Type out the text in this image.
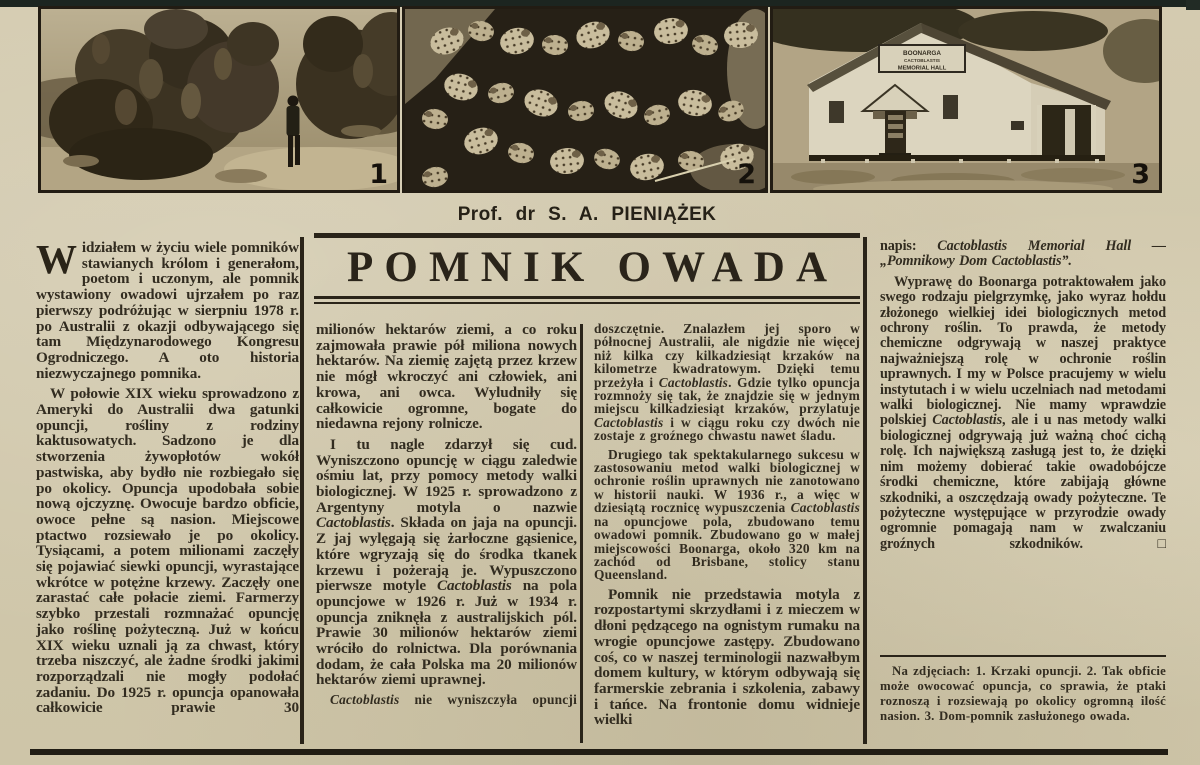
1	2
BOONARGA
CACTOBLASTIS
MEMORIAL HALL
3
Prof. dr S. A. PIENIĄŻEK
POMNIK OWADA

Widziałem w życiu wiele pomników stawianych królom i generałom, poetom i uczonym, ale pomnik wystawiony owadowi ujrzałem po raz pierwszy podróżując w sierpniu 1978 r. po Australii z okazji odbywającego się tam Międzynarodowego Kongresu Ogrodniczego. A oto historia niezwyczajnego pomnika.

W połowie XIX wieku sprowadzono z Ameryki do Australii dwa gatunki opuncji, rośliny z rodziny kaktusowatych. Sadzono je dla stworzenia żywopłotów wokół pastwiska, aby bydło nie rozbiegało się po okolicy. Opuncja upodobała sobie nową ojczyznę. Owocuje bardzo obficie, owoce pełne są nasion. Miejscowe ptactwo rozsiewało je po okolicy. Tysiącami, a potem milionami zaczęły się pojawiać siewki opuncji, wyrastające wkrótce w potężne krzewy. Zaczęły one zarastać całe połacie ziemi. Farmerzy szybko przestali rozmnażać opuncję jako roślinę pożyteczną. Już w końcu XIX wieku uznali ją za chwast, który trzeba niszczyć, ale żadne środki jakimi rozporządzali nie mogły podołać zadaniu. Do 1925 r. opuncja opanowała całkowicie prawie 30

milionów hektarów ziemi, a co roku zajmowała prawie pół miliona nowych hektarów. Na ziemię zajętą przez krzew nie mógł wkroczyć ani człowiek, ani krowa, ani owca. Wyludniły się całkowicie ogromne, bogate do niedawna rejony rolnicze.

I tu nagle zdarzył się cud. Wyniszczono opuncję w ciągu zaledwie ośmiu lat, przy pomocy metody walki biologicznej. W 1925 r. sprowadzono z Argentyny motyla o nazwie Cactoblastis. Składa on jaja na opuncji. Z jaj wylęgają się żarłoczne gąsienice, które wgryzają się do środka tkanek krzewu i pożerają je. Wypuszczono pierwsze motyle Cactoblastis na pola opuncjowe w 1926 r. Już w 1934 r. opuncja zniknęła z australijskich pól. Prawie 30 milionów hektarów ziemi wróciło do rolnictwa. Dla porównania dodam, że cała Polska ma 20 milionów hektarów ziemi uprawnej.

Cactoblastis nie wyniszczyła opuncji

doszczętnie. Znalazłem jej sporo w północnej Australii, ale nigdzie nie więcej niż kilka czy kilkadziesiąt krzaków na kilometrze kwadratowym. Dzięki temu przeżyła i Cactoblastis. Gdzie tylko opuncja rozmnoży się tak, że znajdzie się w jednym miejscu kilkadziesiąt krzaków, przylatuje Cactoblastis i w ciągu roku czy dwóch nie zostaje z groźnego chwastu nawet śladu.

Drugiego tak spektakularnego sukcesu w zastosowaniu metod walki biologicznej w ochronie roślin uprawnych nie zanotowano w historii nauki. W 1936 r., a więc w dziesiątą rocznicę wypuszczenia Cactoblastis na opuncjowe pola, zbudowano temu owadowi pomnik. Zbudowano go w małej miejscowości Boonarga, około 320 km na zachód od Brisbane, stolicy stanu Queensland.

Pomnik nie przedstawia motyla z rozpostartymi skrzydłami i z mieczem w dłoni pędzącego na ognistym rumaku na wrogie opuncjowe zastępy. Zbudowano coś, co w naszej terminologii nazwałbym domem kultury, w którym odbywają się farmerskie zebrania i szkolenia, zabawy i tańce. Na frontonie domu widnieje wielki

napis: Cactoblastis Memorial Hall — „Pomnikowy Dom Cactoblastis”.

Wyprawę do Boonarga potraktowałem jako swego rodzaju pielgrzymkę, jako wyraz hołdu złożonego wielkiej idei biologicznych metod ochrony roślin. To prawda, że metody chemiczne odgrywają w naszej praktyce najważniejszą rolę w ochronie roślin uprawnych. I my w Polsce pracujemy w wielu instytutach i w wielu uczelniach nad metodami walki biologicznej. Nie mamy wprawdzie polskiej Cactoblastis, ale i u nas metody walki biologicznej odgrywają już ważną choć cichą rolę. Ich największą zasługą jest to, że dzięki nim możemy dobierać takie owadobójcze środki chemiczne, które zabijają główne szkodniki, a oszczędzają owady pożyteczne. Te pożyteczne występujące w przyrodzie owady ogromnie pomagają nam w zwalczaniu groźnych szkodników. □

Na zdjęciach: 1. Krzaki opuncji. 2. Tak obficie może owocować opuncja, co sprawia, że ptaki roznoszą i rozsiewają po okolicy ogromną ilość nasion. 3. Dom-pomnik zasłużonego owada.
